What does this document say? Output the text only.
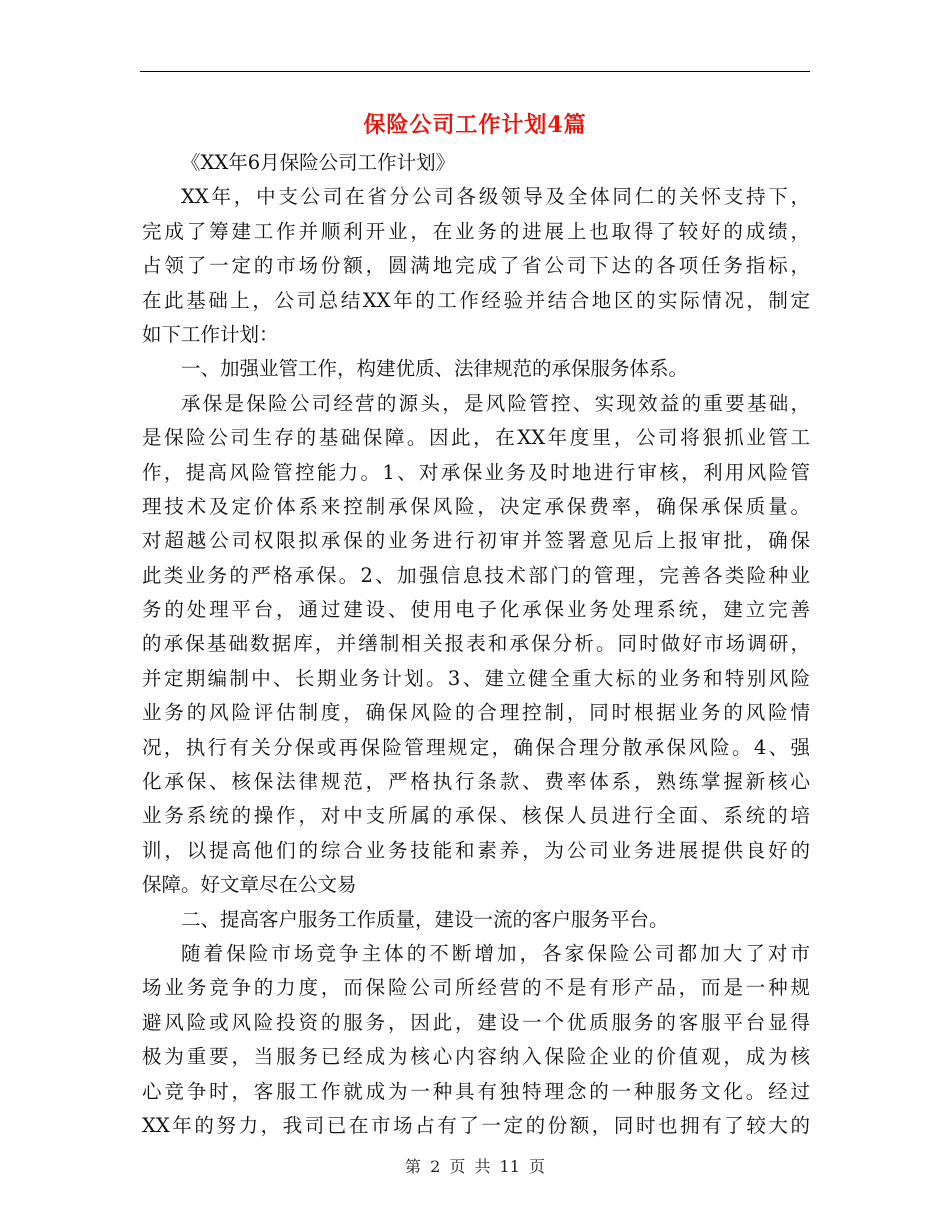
保险公司工作计划4篇

《XX年6月保险公司工作计划》

XX年，中支公司在省分公司各级领导及全体同仁的关怀支持下，

完成了筹建工作并顺利开业，在业务的进展上也取得了较好的成绩，

占领了一定的市场份额，圆满地完成了省公司下达的各项任务指标，

在此基础上，公司总结XX年的工作经验并结合地区的实际情况，制定

如下工作计划：

一、加强业管工作，构建优质、法律规范的承保服务体系。

承保是保险公司经营的源头，是风险管控、实现效益的重要基础，

是保险公司生存的基础保障。因此，在XX年度里，公司将狠抓业管工

作，提高风险管控能力。1、对承保业务及时地进行审核，利用风险管

理技术及定价体系来控制承保风险，决定承保费率，确保承保质量。

对超越公司权限拟承保的业务进行初审并签署意见后上报审批，确保

此类业务的严格承保。2、加强信息技术部门的管理，完善各类险种业

务的处理平台，通过建设、使用电子化承保业务处理系统，建立完善

的承保基础数据库，并缮制相关报表和承保分析。同时做好市场调研，

并定期编制中、长期业务计划。3、建立健全重大标的业务和特别风险

业务的风险评估制度，确保风险的合理控制，同时根据业务的风险情

况，执行有关分保或再保险管理规定，确保合理分散承保风险。4、强

化承保、核保法律规范，严格执行条款、费率体系，熟练掌握新核心

业务系统的操作，对中支所属的承保、核保人员进行全面、系统的培

训，以提高他们的综合业务技能和素养，为公司业务进展提供良好的

保障。好文章尽在公文易

二、提高客户服务工作质量，建设一流的客户服务平台。

随着保险市场竞争主体的不断增加，各家保险公司都加大了对市

场业务竞争的力度，而保险公司所经营的不是有形产品，而是一种规

避风险或风险投资的服务，因此，建设一个优质服务的客服平台显得

极为重要，当服务已经成为核心内容纳入保险企业的价值观，成为核

心竞争时，客服工作就成为一种具有独特理念的一种服务文化。经过

XX年的努力，我司已在市场占有了一定的份额，同时也拥有了较大的

第 2 页 共 11 页
